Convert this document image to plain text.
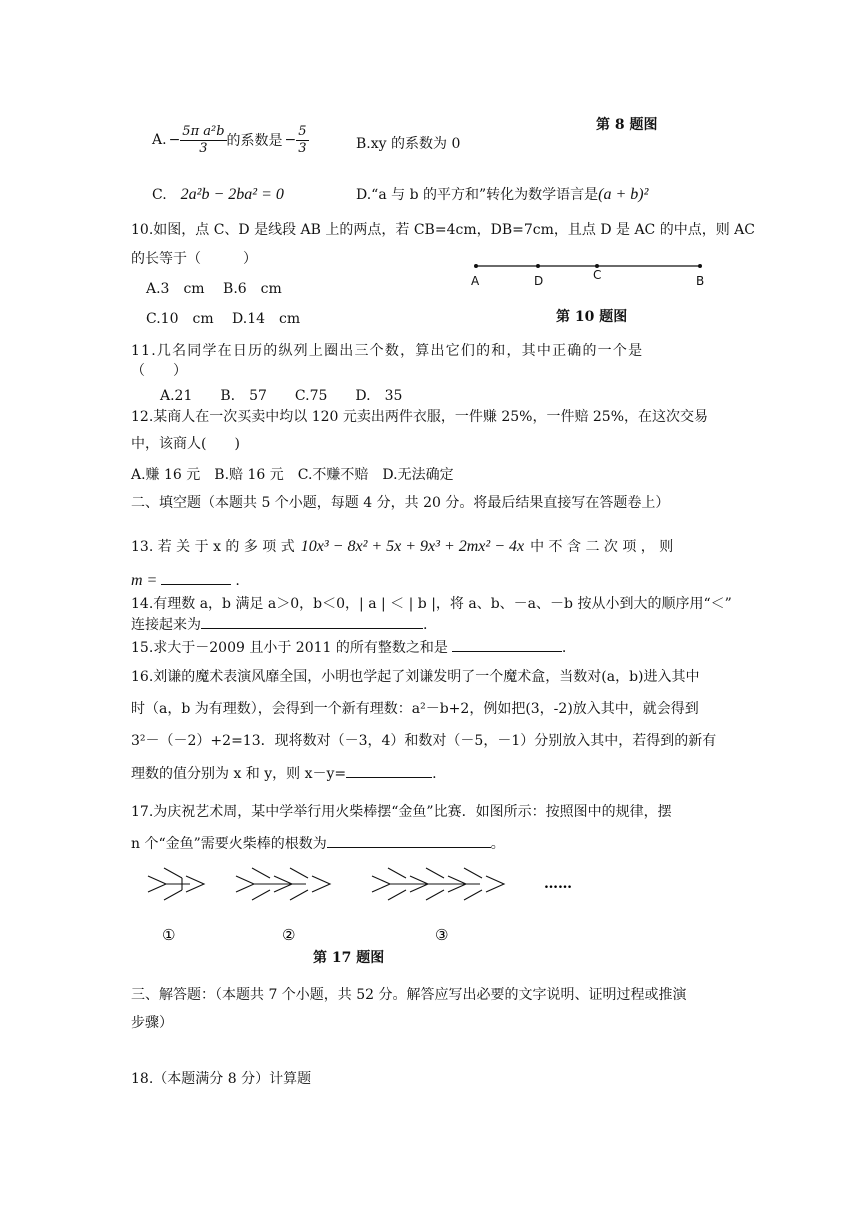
第 8 题图
A. − $\frac{\text{5π a²b}}{3}$ 的系数是 − $\frac{5}{3}$	B.xy 的系数为 0
C. 2a²b − 2ba² = 0	D.“a 与 b 的平方和”转化为数学语言是 (a + b)²
10.如图，点 C、D 是线段 AB 上的两点，若 CB=4cm，DB=7cm，且点 D 是 AC 的中点，则 AC
的长等于（　　　）
A.3　cm　 B.6　cm
C.10　cm　 D.14　cm
A	D	C	B
第 10 题图
11.几名同学在日历的纵列上圈出三个数，算出它们的和，其中正确的一个是
（　　）
A.21　　B.　57　　C.75　　D.　35
12.某商人在一次买卖中均以 120 元卖出两件衣服，一件赚 25%，一件赔 25%，在这次交易
中，该商人(　　)
A.赚 16 元　B.赔 16 元　C.不赚不赔　D.无法确定
二、填空题（本题共 5 个小题，每题 4 分，共 20 分。将最后结果直接写在答题卷上）
13. 若 关 于 x 的 多 项 式 10x³ − 8x² + 5x + 9x³ + 2mx² − 4x 中 不 含 二 次 项 ， 则
m =	.
14.有理数 a，b 满足 a＞0，b＜0，| a | ＜ | b |，将 a、b、－a、－b 按从小到大的顺序用“＜”
连接起来为	.
15.求大于－2009 且小于 2011 的所有整数之和是	.
16.刘谦的魔术表演风靡全国，小明也学起了刘谦发明了一个魔术盒，当数对(a，b)进入其中
时（a，b 为有理数），会得到一个新有理数：a²－b+2，例如把(3，-2)放入其中，就会得到
3²－（－2）+2=13．现将数对（－3，4）和数对（－5，－1）分别放入其中，若得到的新有
理数的值分别为 x 和 y，则 x－y=	.
17.为庆祝艺术周，某中学举行用火柴棒摆“金鱼”比赛．如图所示：按照图中的规律，摆
n 个“金鱼”需要火柴棒的根数为	。
……
①	②	③
第 17 题图
三、解答题：（本题共 7 个小题，共 52 分。解答应写出必要的文字说明、证明过程或推演
步骤）
18.（本题满分 8 分）计算题
